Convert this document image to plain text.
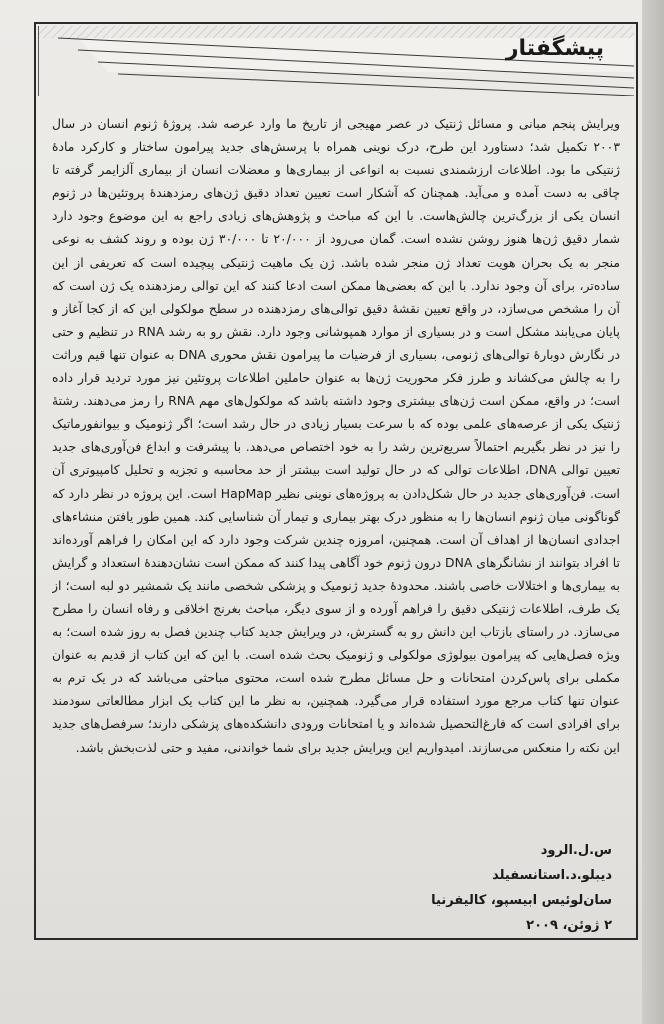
پیشگفتار
ویرایش پنجم مبانی و مسائل ژنتیک در عصر مهیجی از تاریخ ما وارد عرصه شد. پروژهٔ ژنوم انسان در سال ۲۰۰۳ تکمیل شد؛ دستاورد این طرح، درک نوینی همراه با پرسش‌های جدید پیرامون ساختار و کارکرد مادهٔ ژنتیکی ما بود. اطلاعات ارزشمندی نسبت به انواعی از بیماری‌ها و معضلات انسان از بیماری آلزایمر گرفته تا چاقی به دست آمده و می‌آید. همچنان که آشکار است تعیین تعداد دقیق ژن‌های رمزدهندهٔ پروتئین‌ها در ژنوم انسان یکی از بزرگ‌ترین چالش‌هاست. با این که مباحث و پژوهش‌های زیادی راجع به این موضوع وجود دارد شمار دقیق ژن‌ها هنوز روشن نشده است. گمان می‌رود از ۲۰/۰۰۰ تا ۳۰/۰۰۰ ژن بوده و روند کشف به نوعی منجر به یک بحران هویت تعداد ژن منجر شده باشد. ژن یک ماهیت ژنتیکی پیچیده است که تعریفی از این ساده‌تر، برای آن وجود ندارد. با این که بعضی‌ها ممکن است ادعا کنند که این توالی رمزدهنده یک ژن است که آن را مشخص می‌سازد، در واقع تعیین نقشهٔ دقیق توالی‌های رمزدهنده در سطح مولکولی این که از کجا آغاز و پایان می‌یابند مشکل است و در بسیاری از موارد همپوشانی وجود دارد. نقش رو به رشد RNA در تنظیم و حتی در نگارش دوبارهٔ توالی‌های ژنومی، بسیاری از فرضیات ما پیرامون نقش محوری DNA به عنوان تنها قیم وراثت را به چالش می‌کشاند و طرز فکر محوریت ژن‌ها به عنوان حاملین اطلاعات پروتئین نیز مورد تردید قرار داده است؛ در واقع، ممکن است ژن‌های بیشتری وجود داشته باشد که مولکول‌های مهم RNA را رمز می‌دهند. رشتهٔ ژنتیک یکی از عرصه‌های علمی بوده که با سرعت بسیار زیادی در حال رشد است؛ اگر ژنومیک و بیوانفورماتیک را نیز در نظر بگیریم احتمالاً سریع‌ترین رشد را به خود اختصاص می‌دهد. با پیشرفت و ابداع فن‌آوری‌های جدید تعیین توالی DNA، اطلاعات توالی که در حال تولید است بیشتر از حد محاسبه و تجزیه و تحلیل کامپیوتری آن است. فن‌آوری‌های جدید در حال شکل‌دادن به پروژه‌های نوینی نظیر HapMap است. این پروژه در نظر دارد که گوناگونی میان ژنوم انسان‌ها را به منظور درک بهتر بیماری و تیمار آن شناسایی کند. همین طور یافتن منشاءهای اجدادی انسان‌ها از اهداف آن است. همچنین، امروزه چندین شرکت وجود دارد که این امکان را فراهم آورده‌اند تا افراد بتوانند از نشانگرهای DNA درون ژنوم خود آگاهی پیدا کنند که ممکن است نشان‌دهندهٔ استعداد و گرایش به بیماری‌ها و اختلالات خاصی باشند. محدودهٔ جدید ژنومیک و پزشکی شخصی مانند یک شمشیر دو لبه است؛ از یک طرف، اطلاعات ژنتیکی دقیق را فراهم آورده و از سوی دیگر، مباحث بغرنج اخلاقی و رفاه انسان را مطرح می‌سازد. در راستای بازتاب این دانش رو به گسترش، در ویرایش جدید کتاب چندین فصل به روز شده است؛ به ویژه فصل‌هایی که پیرامون بیولوژی مولکولی و ژنومیک بحث شده است. با این که این کتاب از قدیم به عنوان مکملی برای پاس‌کردن امتحانات و حل مسائل مطرح شده است، محتوی مباحثی می‌باشد که در یک ترم به عنوان تنها کتاب مرجع مورد استفاده قرار می‌گیرد. همچنین، به نظر ما این کتاب یک ابزار مطالعاتی سودمند برای افرادی است که فارغ‌التحصیل شده‌اند و یا امتحانات ورودی دانشکده‌های پزشکی دارند؛ سرفصل‌های جدید این نکته را منعکس می‌سازند. امیدواریم این ویرایش جدید برای شما خواندنی، مفید و حتی لذت‌بخش باشد.
س.ل.الرود
دیبلو.د.استانسفیلد
سان‌لوئیس ابیسپو، کالیفرنیا
۲ ژوئن، ۲۰۰۹
